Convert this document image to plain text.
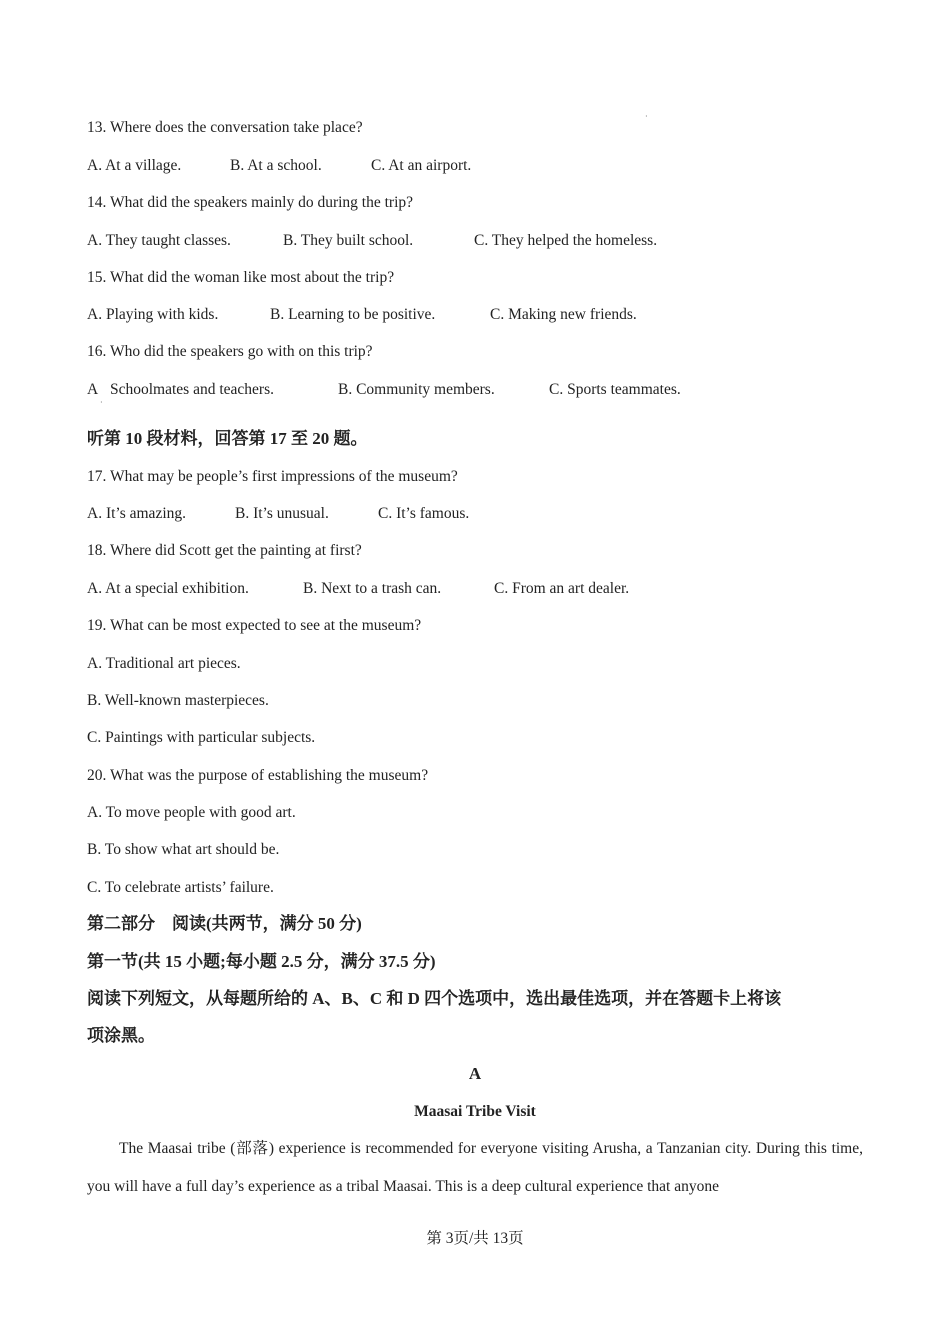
·
13. Where does the conversation take place?
A. At a village.	B. At a school.	C. At an airport.
14. What did the speakers mainly do during the trip?
A. They taught classes.	B. They built school.	C. They helped the homeless.
15. What did the woman like most about the trip?
A. Playing with kids.	B. Learning to be positive.	C. Making new friends.
16. Who did the speakers go with on this trip?
A Schoolmates and teachers.	B. Community members.	C. Sports teammates.
·
听第 10 段材料，回答第 17 至 20 题。
17. What may be people’s first impressions of the museum?
A. It’s amazing.	B. It’s unusual.	C. It’s famous.
18. Where did Scott get the painting at first?
A. At a special exhibition.	B. Next to a trash can.	C. From an art dealer.
19. What can be most expected to see at the museum?
A. Traditional art pieces.
B. Well-known masterpieces.
C. Paintings with particular subjects.
20. What was the purpose of establishing the museum?
A. To move people with good art.
B. To show what art should be.
C. To celebrate artists’ failure.
第二部分　阅读(共两节，满分 50 分)
第一节(共 15 小题;每小题 2.5 分，满分 37.5 分)
阅读下列短文，从每题所给的 A、B、C 和 D 四个选项中，选出最佳选项，并在答题卡上将该
项涂黑。
A
Maasai Tribe Visit
The Maasai tribe (部落) experience is recommended for everyone visiting Arusha, a Tanzanian city. During this time, you will have a full day’s experience as a tribal Maasai. This is a deep cultural experience that anyone
第 3页/共 13页
